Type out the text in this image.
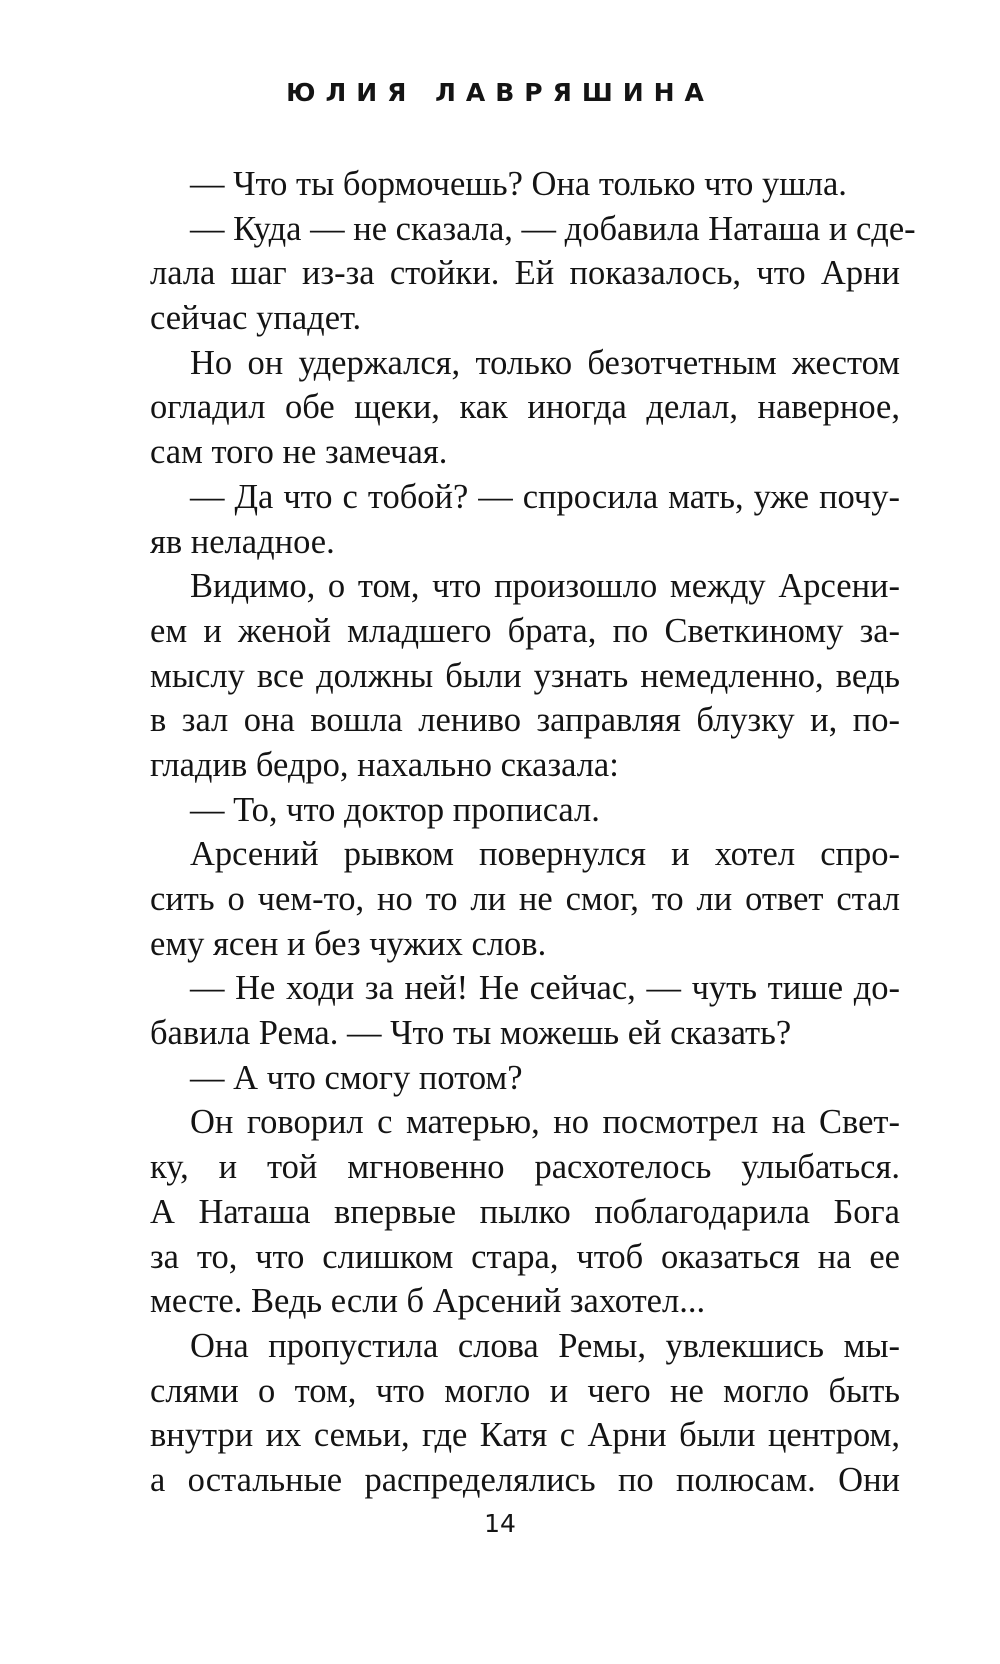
ЮЛИЯ ЛАВРЯШИНА
— Что ты бормочешь? Она только что ушла.
— Куда — не сказала, — добавила Наташа и сде-
лала шаг из-за стойки. Ей показалось, что Арни
сейчас упадет.
Но он удержался, только безотчетным жестом
огладил обе щеки, как иногда делал, наверное,
сам того не замечая.
— Да что с тобой? — спросила мать, уже почу-
яв неладное.
Видимо, о том, что произошло между Арсени-
ем и женой младшего брата, по Светкиному за-
мыслу все должны были узнать немедленно, ведь
в зал она вошла лениво заправляя блузку и, по-
гладив бедро, нахально сказала:
— То, что доктор прописал.
Арсений рывком повернулся и хотел спро-
сить о чем-то, но то ли не смог, то ли ответ стал
ему ясен и без чужих слов.
— Не ходи за ней! Не сейчас, — чуть тише до-
бавила Рема. — Что ты можешь ей сказать?
— А что смогу потом?
Он говорил с матерью, но посмотрел на Свет-
ку, и той мгновенно расхотелось улыбаться.
А Наташа впервые пылко поблагодарила Бога
за то, что слишком стара, чтоб оказаться на ее
месте. Ведь если б Арсений захотел...
Она пропустила слова Ремы, увлекшись мы-
слями о том, что могло и чего не могло быть
внутри их семьи, где Катя с Арни были центром,
а остальные распределялись по полюсам. Они
14
